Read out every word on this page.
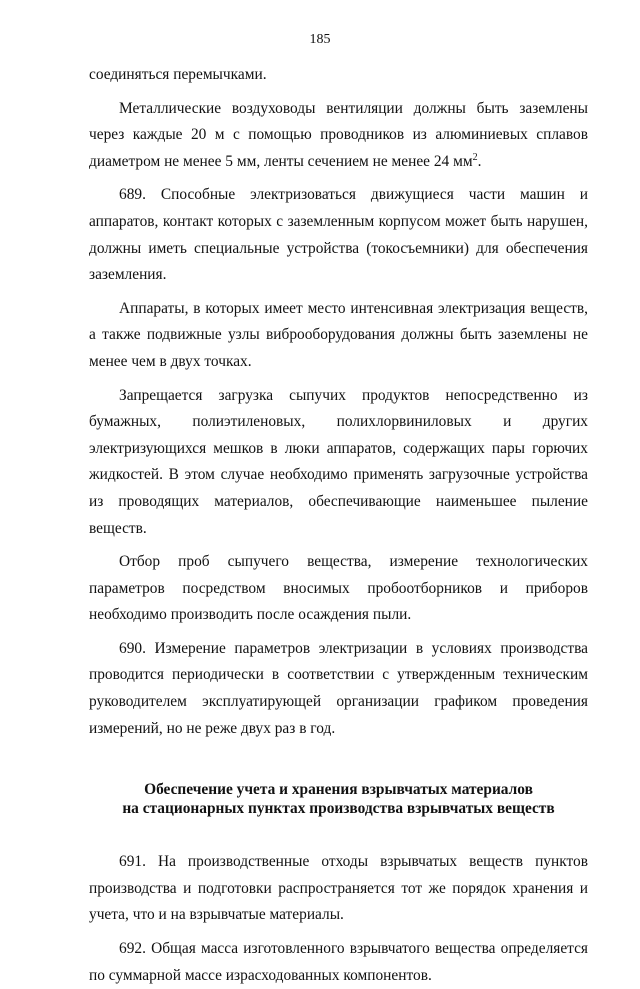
185

соединяться перемычками.

Металлические воздуховоды вентиляции должны быть заземлены через каждые 20 м с помощью проводников из алюминиевых сплавов диаметром не менее 5 мм, ленты сечением не менее 24 $мм^2$.

689. Способные электризоваться движущиеся части машин и аппаратов, контакт которых с заземленным корпусом может быть нарушен, должны иметь специальные устройства (токосъемники) для обеспечения заземления.

Аппараты, в которых имеет место интенсивная электризация веществ, а также подвижные узлы виброоборудования должны быть заземлены не менее чем в двух точках.

Запрещается загрузка сыпучих продуктов непосредственно из бумажных, полиэтиленовых, полихлорвиниловых и других электризующихся мешков в люки аппаратов, содержащих пары горючих жидкостей. В этом случае необходимо применять загрузочные устройства из проводящих материалов, обеспечивающие наименьшее пыление веществ.

Отбор проб сыпучего вещества, измерение технологических параметров посредством вносимых пробоотборников и приборов необходимо производить после осаждения пыли.

690. Измерение параметров электризации в условиях производства проводится периодически в соответствии с утвержденным техническим руководителем эксплуатирующей организации графиком проведения измерений, но не реже двух раз в год.

Обеспечение учета и хранения взрывчатых материалов
на стационарных пунктах производства взрывчатых веществ

691. На производственные отходы взрывчатых веществ пунктов производства и подготовки распространяется тот же порядок хранения и учета, что и на взрывчатые материалы.

692. Общая масса изготовленного взрывчатого вещества определяется по суммарной массе израсходованных компонентов.
